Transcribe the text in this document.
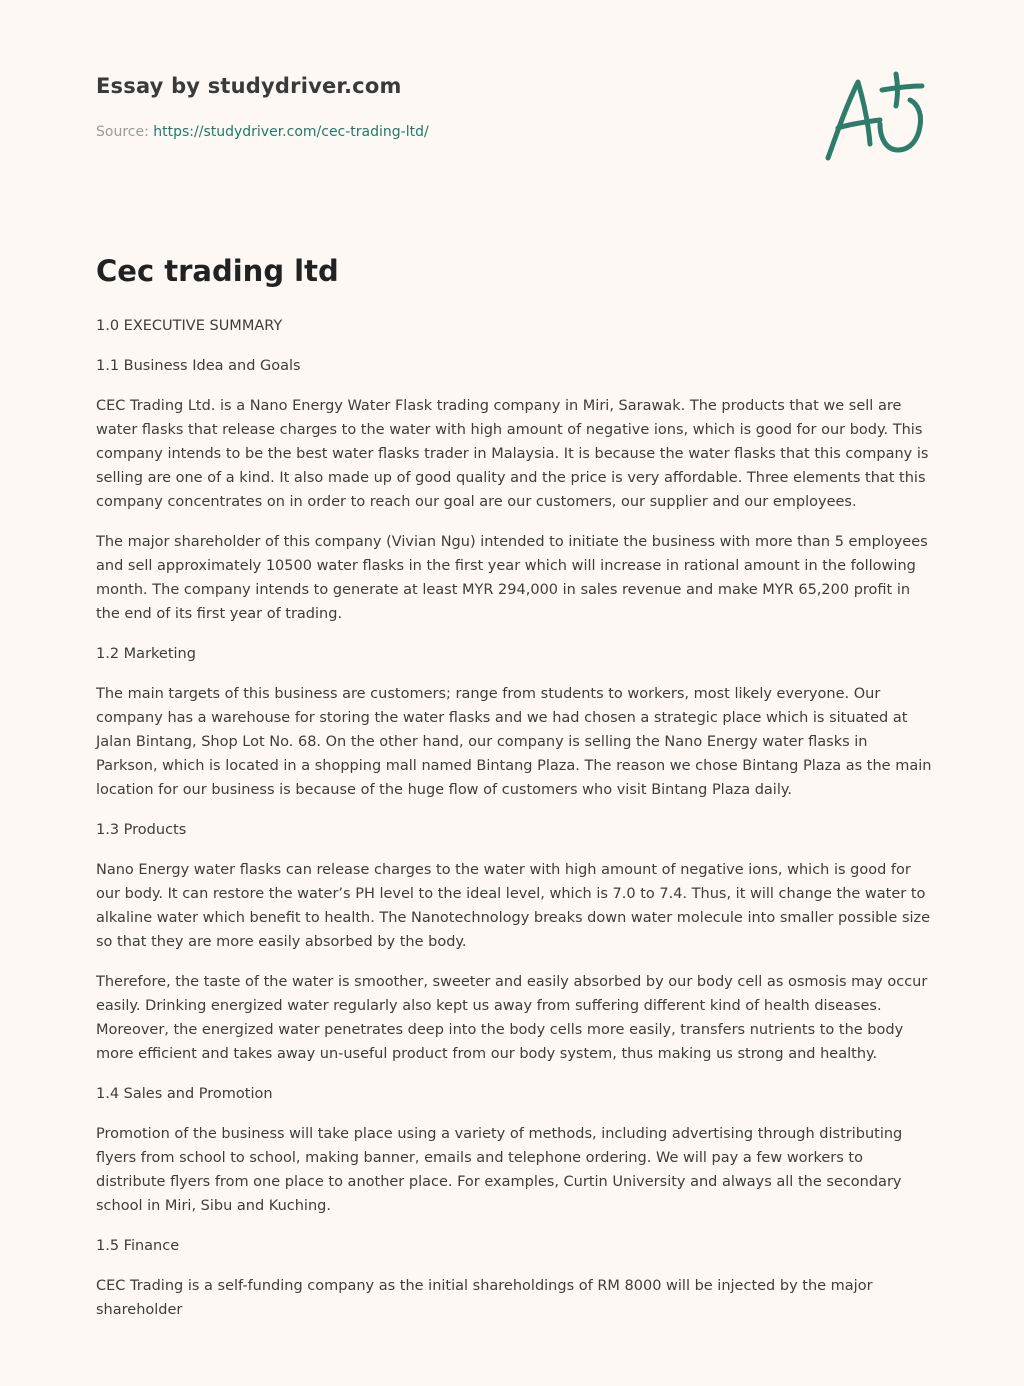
Essay by studydriver.com
Source: https://studydriver.com/cec-trading-ltd/
Cec trading ltd

1.0 EXECUTIVE SUMMARY

1.1 Business Idea and Goals

CEC Trading Ltd. is a Nano Energy Water Flask trading company in Miri, Sarawak. The products that we sell are water flasks that release charges to the water with high amount of negative ions, which is good for our body. This company intends to be the best water flasks trader in Malaysia. It is because the water flasks that this company is selling are one of a kind. It also made up of good quality and the price is very affordable. Three elements that this company concentrates on in order to reach our goal are our customers, our supplier and our employees.

The major shareholder of this company (Vivian Ngu) intended to initiate the business with more than 5 employees and sell approximately 10500 water flasks in the first year which will increase in rational amount in the following month. The company intends to generate at least MYR 294,000 in sales revenue and make MYR 65,200 profit in the end of its first year of trading.

1.2 Marketing

The main targets of this business are customers; range from students to workers, most likely everyone. Our company has a warehouse for storing the water flasks and we had chosen a strategic place which is situated at Jalan Bintang, Shop Lot No. 68. On the other hand, our company is selling the Nano Energy water flasks in Parkson, which is located in a shopping mall named Bintang Plaza. The reason we chose Bintang Plaza as the main location for our business is because of the huge flow of customers who visit Bintang Plaza daily.

1.3 Products

Nano Energy water flasks can release charges to the water with high amount of negative ions, which is good for our body. It can restore the water’s PH level to the ideal level, which is 7.0 to 7.4. Thus, it will change the water to alkaline water which benefit to health. The Nanotechnology breaks down water molecule into smaller possible size so that they are more easily absorbed by the body.

Therefore, the taste of the water is smoother, sweeter and easily absorbed by our body cell as osmosis may occur easily. Drinking energized water regularly also kept us away from suffering different kind of health diseases. Moreover, the energized water penetrates deep into the body cells more easily, transfers nutrients to the body more efficient and takes away un-useful product from our body system, thus making us strong and healthy.

1.4 Sales and Promotion

Promotion of the business will take place using a variety of methods, including advertising through distributing flyers from school to school, making banner, emails and telephone ordering. We will pay a few workers to distribute flyers from one place to another place. For examples, Curtin University and always all the secondary school in Miri, Sibu and Kuching.

1.5 Finance

CEC Trading is a self-funding company as the initial shareholdings of RM 8000 will be injected by the major shareholder
